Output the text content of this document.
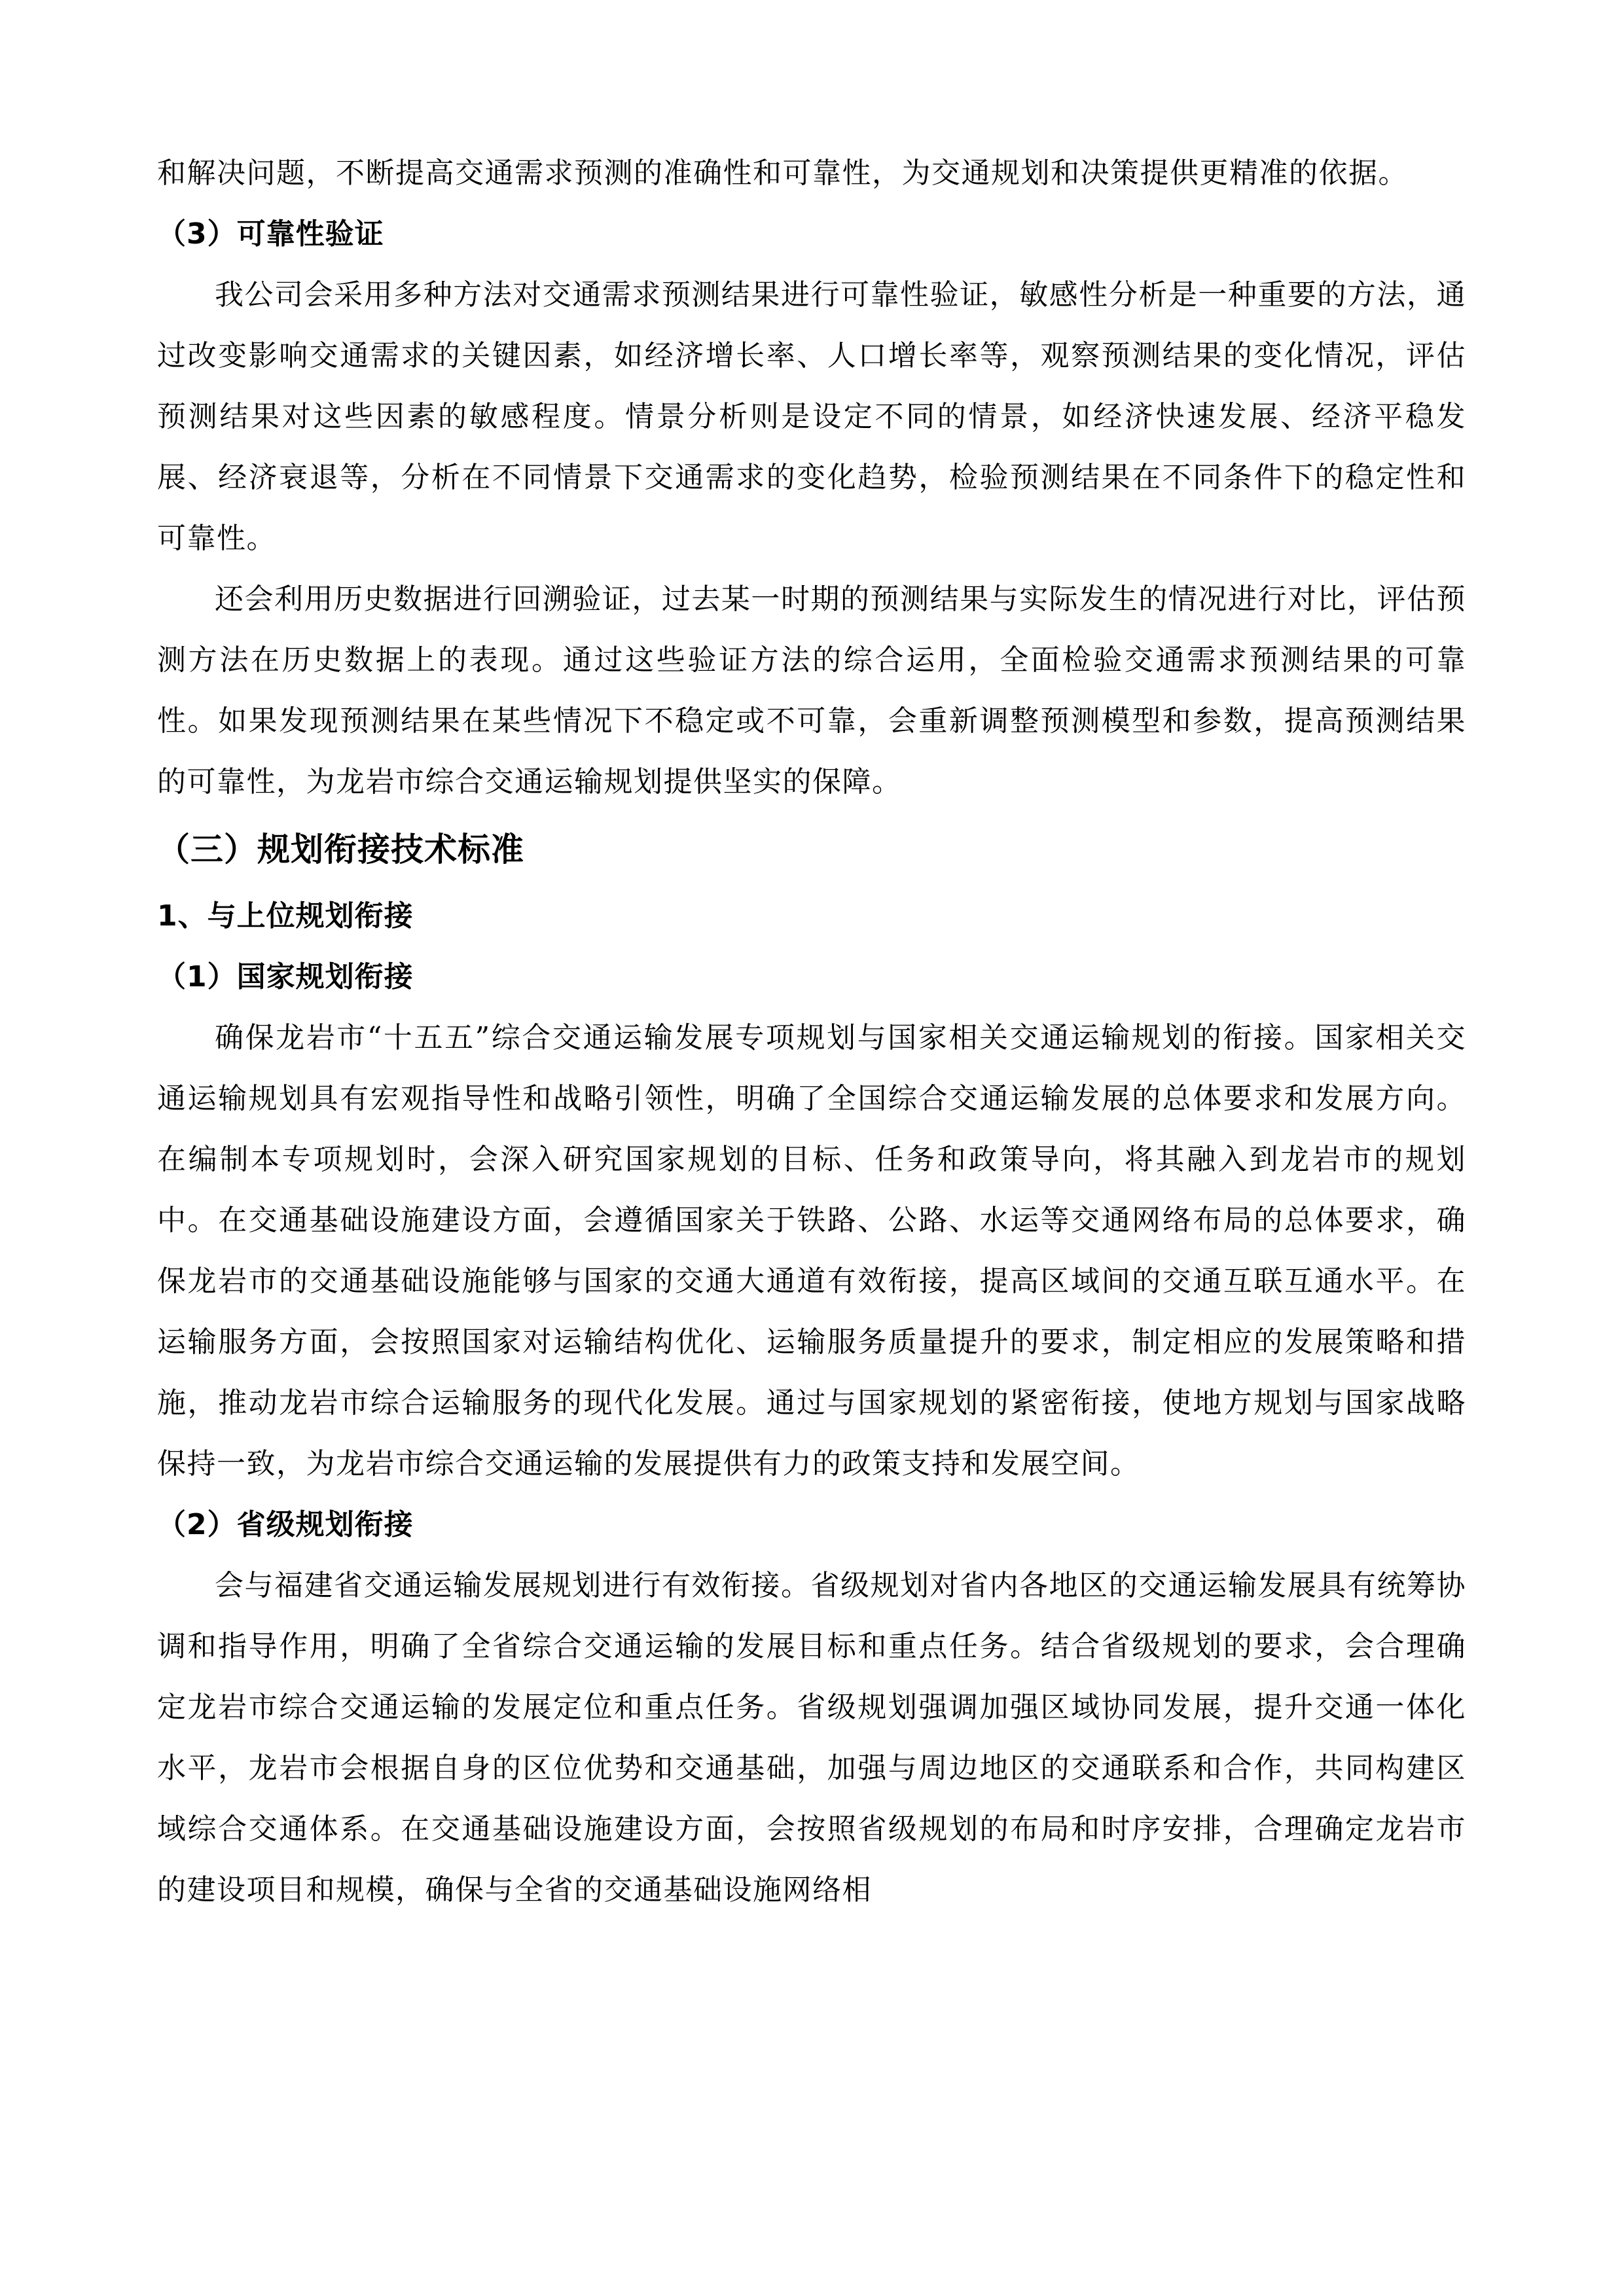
和解决问题，不断提高交通需求预测的准确性和可靠性，为交通规划和决策提供更精准的依据。

（3）可靠性验证

我公司会采用多种方法对交通需求预测结果进行可靠性验证，敏感性分析是一种重要的方法，通过改变影响交通需求的关键因素，如经济增长率、人口增长率等，观察预测结果的变化情况，评估预测结果对这些因素的敏感程度。情景分析则是设定不同的情景，如经济快速发展、经济平稳发展、经济衰退等，分析在不同情景下交通需求的变化趋势，检验预测结果在不同条件下的稳定性和可靠性。

还会利用历史数据进行回溯验证，过去某一时期的预测结果与实际发生的情况进行对比，评估预测方法在历史数据上的表现。通过这些验证方法的综合运用，全面检验交通需求预测结果的可靠性。如果发现预测结果在某些情况下不稳定或不可靠，会重新调整预测模型和参数，提高预测结果的可靠性，为龙岩市综合交通运输规划提供坚实的保障。

（三）规划衔接技术标准

1、与上位规划衔接

（1）国家规划衔接

确保龙岩市“十五五”综合交通运输发展专项规划与国家相关交通运输规划的衔接。国家相关交通运输规划具有宏观指导性和战略引领性，明确了全国综合交通运输发展的总体要求和发展方向。在编制本专项规划时，会深入研究国家规划的目标、任务和政策导向，将其融入到龙岩市的规划中。在交通基础设施建设方面，会遵循国家关于铁路、公路、水运等交通网络布局的总体要求，确保龙岩市的交通基础设施能够与国家的交通大通道有效衔接，提高区域间的交通互联互通水平。在运输服务方面，会按照国家对运输结构优化、运输服务质量提升的要求，制定相应的发展策略和措施，推动龙岩市综合运输服务的现代化发展。通过与国家规划的紧密衔接，使地方规划与国家战略保持一致，为龙岩市综合交通运输的发展提供有力的政策支持和发展空间。

（2）省级规划衔接

会与福建省交通运输发展规划进行有效衔接。省级规划对省内各地区的交通运输发展具有统筹协调和指导作用，明确了全省综合交通运输的发展目标和重点任务。结合省级规划的要求，会合理确定龙岩市综合交通运输的发展定位和重点任务。省级规划强调加强区域协同发展，提升交通一体化水平，龙岩市会根据自身的区位优势和交通基础，加强与周边地区的交通联系和合作，共同构建区域综合交通体系。在交通基础设施建设方面，会按照省级规划的布局和时序安排，合理确定龙岩市的建设项目和规模，确保与全省的交通基础设施网络相
